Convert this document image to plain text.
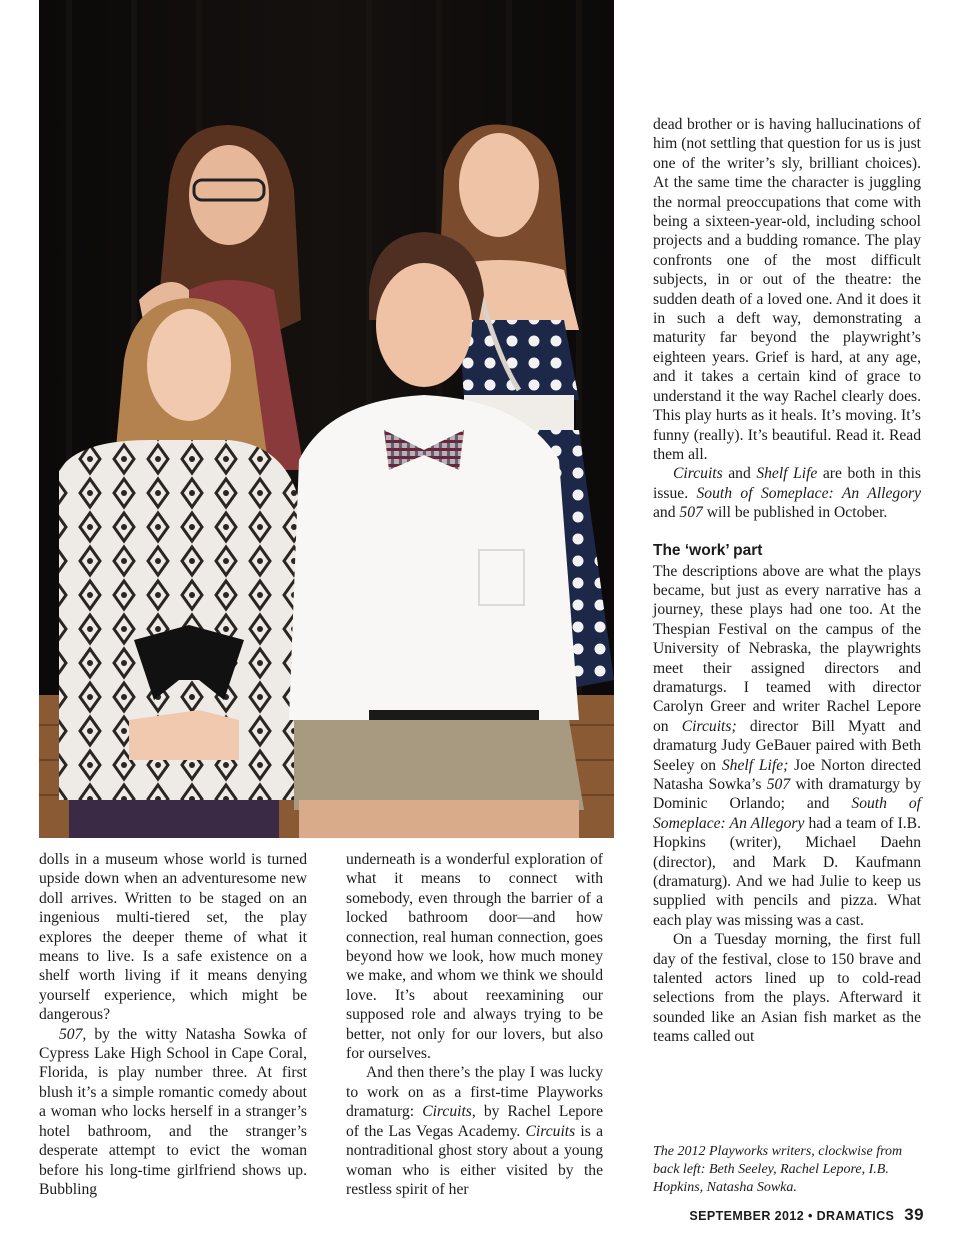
dolls in a museum whose world is turned upside down when an adventuresome new doll arrives. Written to be staged on an ingenious multi-tiered set, the play explores the deeper theme of what it means to live. Is a safe existence on a shelf worth living if it means denying yourself experience, which might be dangerous?

507, by the witty Natasha Sowka of Cypress Lake High School in Cape Coral, Florida, is play number three. At first blush it’s a simple romantic comedy about a woman who locks herself in a stranger’s hotel bathroom, and the stranger’s desperate attempt to evict the woman before his long-time girlfriend shows up. Bubbling

underneath is a wonderful exploration of what it means to connect with somebody, even through the barrier of a locked bathroom door—and how connection, real human connection, goes beyond how we look, how much money we make, and whom we think we should love. It’s about reexamining our supposed role and always trying to be better, not only for our lovers, but also for ourselves.

And then there’s the play I was lucky to work on as a first-time Playworks dramaturg: Circuits, by Rachel Lepore of the Las Vegas Academy. Circuits is a nontraditional ghost story about a young woman who is either visited by the restless spirit of her

dead brother or is having hallucinations of him (not settling that question for us is just one of the writer’s sly, brilliant choices). At the same time the character is juggling the normal preoccupations that come with being a sixteen-year-old, including school projects and a budding romance. The play confronts one of the most difficult subjects, in or out of the theatre: the sudden death of a loved one. And it does it in such a deft way, demonstrating a maturity far beyond the playwright’s eighteen years. Grief is hard, at any age, and it takes a certain kind of grace to understand it the way Rachel clearly does. This play hurts as it heals. It’s moving. It’s funny (really). It’s beautiful. Read it. Read them all.

Circuits and Shelf Life are both in this issue. South of Someplace: An Allegory and 507 will be published in October.

The ‘work’ part

The descriptions above are what the plays became, but just as every narrative has a journey, these plays had one too. At the Thespian Festival on the campus of the University of Nebraska, the playwrights meet their assigned directors and dramaturgs. I teamed with director Carolyn Greer and writer Rachel Lepore on Circuits; director Bill Myatt and dramaturg Judy GeBauer paired with Beth Seeley on Shelf Life; Joe Norton directed Natasha Sowka’s 507 with dramaturgy by Dominic Orlando; and South of Someplace: An Allegory had a team of I.B. Hopkins (writer), Michael Daehn (director), and Mark D. Kaufmann (dramaturg). And we had Julie to keep us supplied with pencils and pizza. What each play was missing was a cast.

On a Tuesday morning, the first full day of the festival, close to 150 brave and talented actors lined up to cold-read selections from the plays. Afterward it sounded like an Asian fish market as the teams called out

The 2012 Playworks writers, clockwise from back left: Beth Seeley, Rachel Lepore, I.B. Hopkins, Natasha Sowka.
SEPTEMBER 2012 • DRAMATICS 39
